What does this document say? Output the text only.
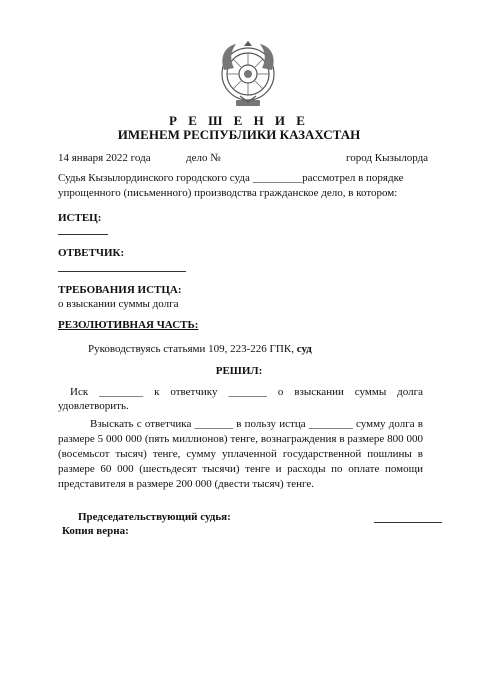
Р Е Ш Е Н И Е
ИМЕНЕМ РЕСПУБЛИКИ КАЗАХСТАН
14 января 2022 года	дело №	город Кызылорда
Судья Кызылординского городского суда _________рассмотрел в порядке
упрощенного (письменного) производства гражданское дело, в котором:
ИСТЕЦ:
ОТВЕТЧИК:
ТРЕБОВАНИЯ ИСТЦА:
о взыскании суммы долга
РЕЗОЛЮТИВНАЯ ЧАСТЬ:
Руководствуясь статьями 109, 223-226 ГПК, суд
РЕШИЛ:
Иск ________ к ответчику _______ о взыскании суммы долга
удовлетворить.
Взыскать с ответчика _______ в пользу истца ________ сумму долга в
размере 5 000 000 (пять миллионов) тенге, вознаграждения в размере 800 000
(восемьсот тысяч) тенге, сумму уплаченной государственной пошлины в
размере 60 000 (шестьдесят тысячи) тенге и расходы по оплате помощи
представителя в размере 200 000 (двести тысяч) тенге.
Председательствующий судья:
Копия верна:
